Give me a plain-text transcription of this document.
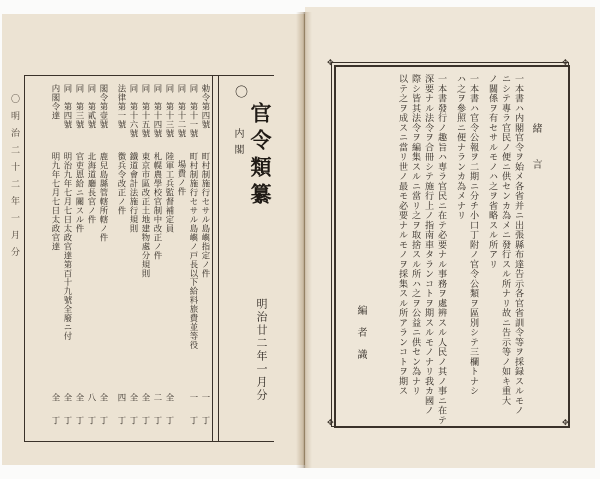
官令類纂
明治廿二年一月分
〇
内閣
勅令第四號
町村制施行セサル島嶼指定ノ件
一
丁
同　第十一號
町村制施行セサル島嶼ノ戸長以下給料旅費並等役
一
丁
同　第十二號
場費ノ件
同　第十三號
陸軍工兵監督補定員
全
丁
同　第十四號
札幌農學校官制中改正ノ件
二
丁
同　第十五號
東京市區改正土地建物處分規則
全
丁
同　第十六號
鐵道會計法施行規則
全
丁
法律第一號
徴兵令改正ノ件
四
丁
閣令第壹號
鹿兒島縣管轄所轄ノ件
全
丁
同　第貳號
北海道廳長官ノ件
八
丁
同　第三號
官吏恩給ニ關スル件
全
丁
同　第四號
明治九年七月七日太政官達第百十九號全廢ニ付
全
丁
内閣令達
明九年七月七日太政官達
全
丁
〇明治二十二年一月分
✥	✥
✥	✥
緒　言
一本書ハ内閣官令ヲ始メ各省并ニ出張縣布達告示各官省訓令等ヲ採録スルモノ
ニシテ專ラ官民ノ便ニ供センカ為メニ發行スル所ナリ故ニ告示等ノ如キ重大
ノ關係ヲ有セサルモノハ之ヲ省略スル所アリ
一本書ハ官令公報ヲ二期ニ分チ小口丁附ノ官令公類ヲ區別シテ三欄トナシ
ハ之ヲ參照ニ便ナランカ為メナリ
一本書發行ノ趣旨ハ専ラ官民ニ在テ必要ナル事務ヲ處辨スル人民ノ其ノ事ニ在テ
深要ナル法令ヲ合冊シテ施行上ノ指南車タランコトヲ期スルモノナリ我カ國ノ
際シ皆其法令ヲ編集スルニ當リ之ヲ取捨スル所ハ之ヲ公益ニ供セン為ナリ
以テ之ヲ成スニ當リ世ノ最モ必要ナルモノヲ採集スル所アランコトヲ期ス
編者識
